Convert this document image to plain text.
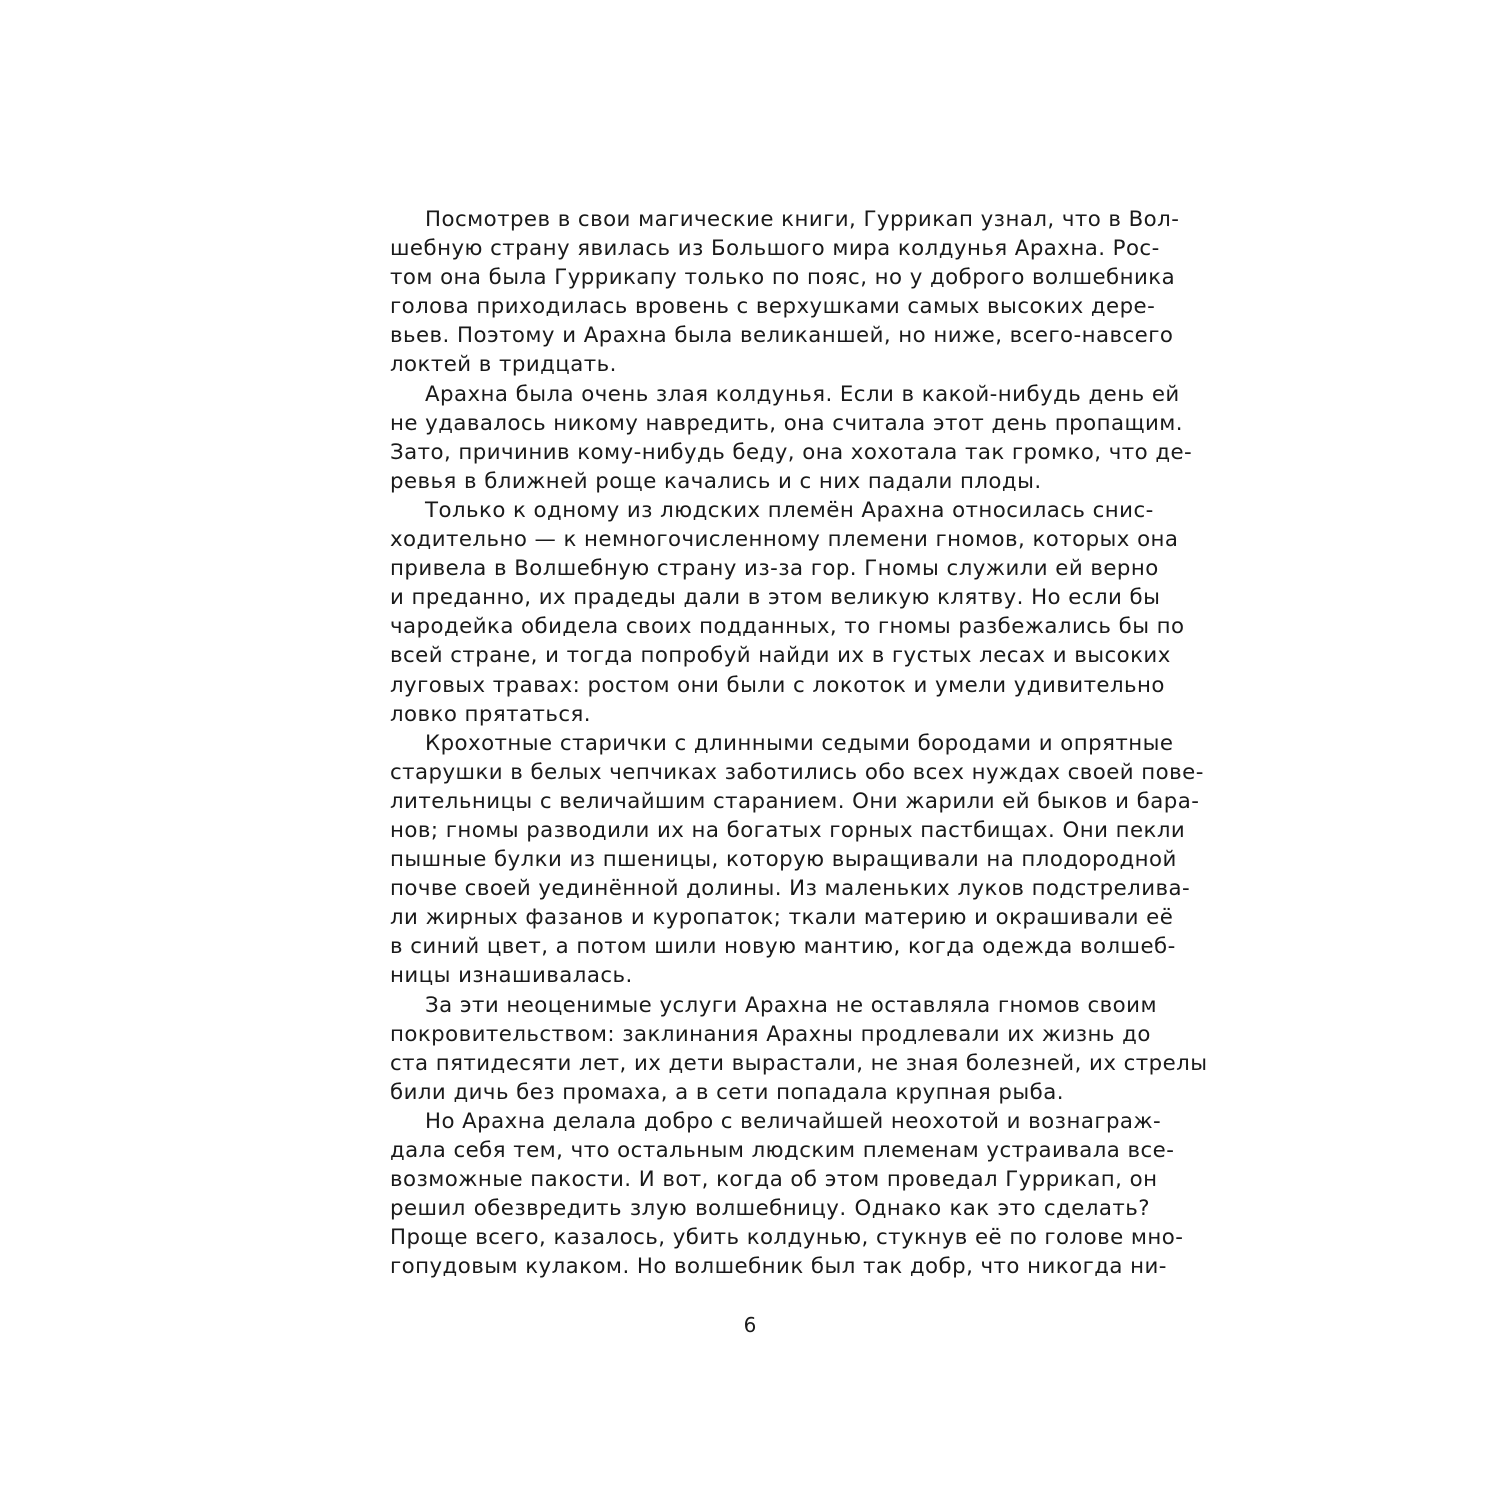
Посмотрев в свои магические книги, Гуррикап узнал, что в Вол-
шебную страну явилась из Большого мира колдунья Арахна. Рос-
том она была Гуррикапу только по пояс, но у доброго волшебника
голова приходилась вровень с верхушками самых высоких дере-
вьев. Поэтому и Арахна была великаншей, но ниже, всего-навсего
локтей в тридцать.
Арахна была очень злая колдунья. Если в какой-нибудь день ей
не удавалось никому навредить, она считала этот день пропащим.
Зато, причинив кому-нибудь беду, она хохотала так громко, что де-
ревья в ближней роще качались и с них падали плоды.
Только к одному из людских племён Арахна относилась снис-
ходительно — к немногочисленному племени гномов, которых она
привела в Волшебную страну из-за гор. Гномы служили ей верно
и преданно, их прадеды дали в этом великую клятву. Но если бы
чародейка обидела своих подданных, то гномы разбежались бы по
всей стране, и тогда попробуй найди их в густых лесах и высоких
луговых травах: ростом они были с локоток и умели удивительно
ловко прятаться.
Крохотные старички с длинными седыми бородами и опрятные
старушки в белых чепчиках заботились обо всех нуждах своей пове-
лительницы с величайшим старанием. Они жарили ей быков и бара-
нов; гномы разводили их на богатых горных пастбищах. Они пекли
пышные булки из пшеницы, которую выращивали на плодородной
почве своей уединённой долины. Из маленьких луков подстрелива-
ли жирных фазанов и куропаток; ткали материю и окрашивали её
в синий цвет, а потом шили новую мантию, когда одежда волшеб-
ницы изнашивалась.
За эти неоценимые услуги Арахна не оставляла гномов своим
покровительством: заклинания Арахны продлевали их жизнь до
ста пятидесяти лет, их дети вырастали, не зная болезней, их стрелы
били дичь без промаха, а в сети попадала крупная рыба.
Но Арахна делала добро с величайшей неохотой и вознаграж-
дала себя тем, что остальным людским племенам устраивала все-
возможные пакости. И вот, когда об этом проведал Гуррикап, он
решил обезвредить злую волшебницу. Однако как это сделать?
Проще всего, казалось, убить колдунью, стукнув её по голове мно-
гопудовым кулаком. Но волшебник был так добр, что никогда ни-
6
